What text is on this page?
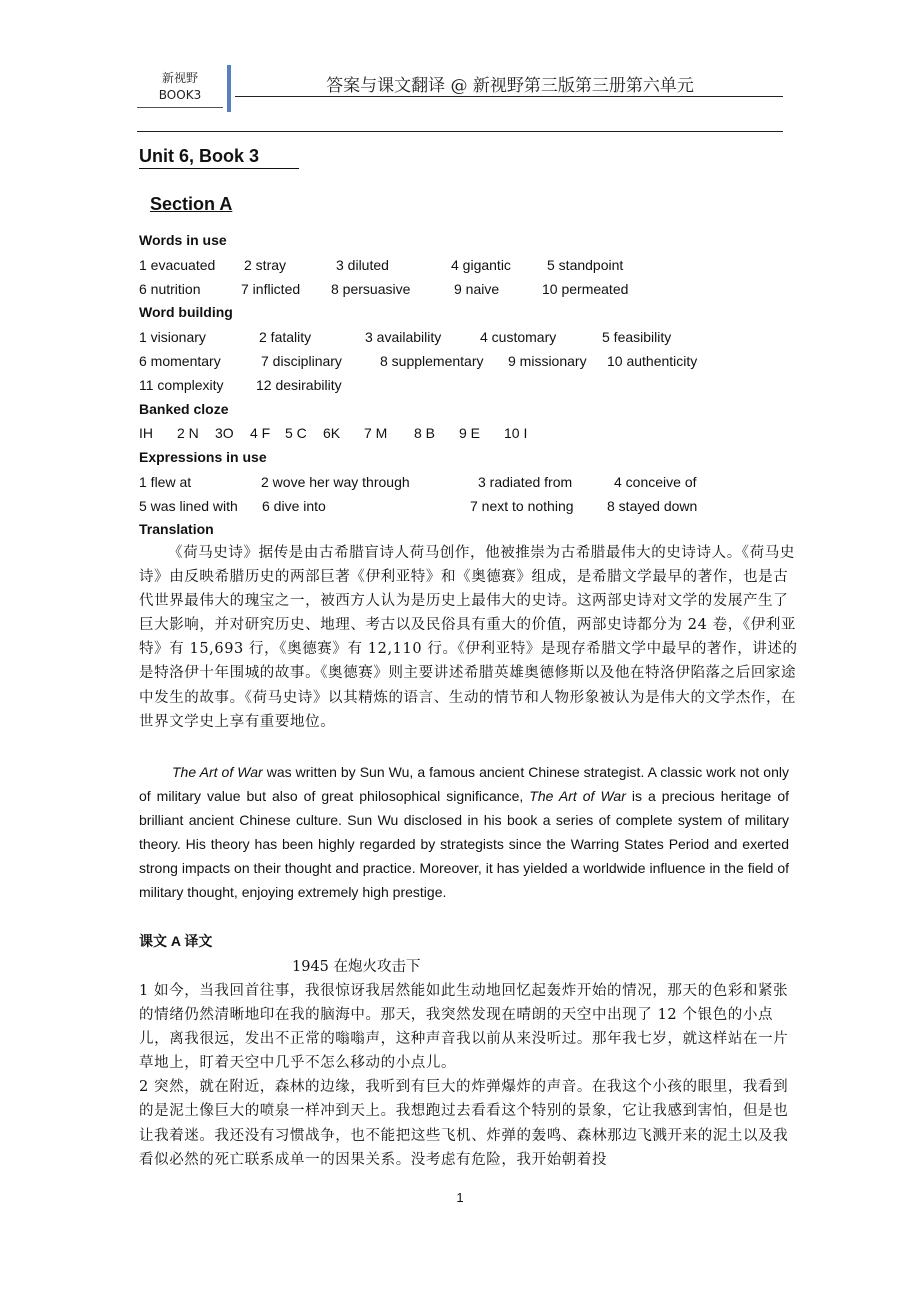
新视野
BOOK3	答案与课文翻译 @ 新视野第三版第三册第六单元
Unit 6, Book 3
Section A
Words in use
1 evacuated	2 stray	3 diluted	4 gigantic	5 standpoint
6 nutrition	7 inflicted	8 persuasive	9 naive	10 permeated
Word building
1 visionary	2 fatality	3 availability	4 customary	5 feasibility
6 momentary	7 disciplinary	8 supplementary	9 missionary	10 authenticity
11 complexity	12 desirability
Banked cloze
IH	2 N	3O	4 F	5 C	6K	7 M	8 B	9 E	10 I
Expressions in use
1 flew at	2 wove her way through	3 radiated from	4 conceive of
5 was lined with	6 dive into	7 next to nothing	8 stayed down
Translation
《荷马史诗》据传是由古希腊盲诗人荷马创作，他被推崇为古希腊最伟大的史诗诗人。《荷马史诗》由反映希腊历史的两部巨著《伊利亚特》和《奥德赛》组成，是希腊文学最早的著作，也是古代世界最伟大的瑰宝之一，被西方人认为是历史上最伟大的史诗。这两部史诗对文学的发展产生了巨大影响，并对研究历史、地理、考古以及民俗具有重大的价值，两部史诗都分为 24 卷，《伊利亚特》有 15,693 行，《奥德赛》有 12,110 行。《伊利亚特》是现存希腊文学中最早的著作，讲述的是特洛伊十年围城的故事。《奥德赛》则主要讲述希腊英雄奥德修斯以及他在特洛伊陷落之后回家途中发生的故事。《荷马史诗》以其精炼的语言、生动的情节和人物形象被认为是伟大的文学杰作，在世界文学史上享有重要地位。
The Art of War was written by Sun Wu, a famous ancient Chinese strategist. A classic work not only of military value but also of great philosophical significance, The Art of War is a precious heritage of brilliant ancient Chinese culture. Sun Wu disclosed in his book a series of complete system of military theory. His theory has been highly regarded by strategists since the Warring States Period and exerted strong impacts on their thought and practice. Moreover, it has yielded a worldwide influence in the field of military thought, enjoying extremely high prestige.
课文 A 译文
1945 在炮火攻击下
1 如今，当我回首往事，我很惊讶我居然能如此生动地回忆起轰炸开始的情况，那天的色彩和紧张的情绪仍然清晰地印在我的脑海中。那天，我突然发现在晴朗的天空中出现了 12 个银色的小点儿，离我很远，发出不正常的嗡嗡声，这种声音我以前从来没听过。那年我七岁，就这样站在一片草地上，盯着天空中几乎不怎么移动的小点儿。
2 突然，就在附近，森林的边缘，我听到有巨大的炸弹爆炸的声音。在我这个小孩的眼里，我看到的是泥土像巨大的喷泉一样冲到天上。我想跑过去看看这个特别的景象，它让我感到害怕，但是也让我着迷。我还没有习惯战争，也不能把这些飞机、炸弹的轰鸣、森林那边飞溅开来的泥土以及我看似必然的死亡联系成单一的因果关系。没考虑有危险，我开始朝着投
1
